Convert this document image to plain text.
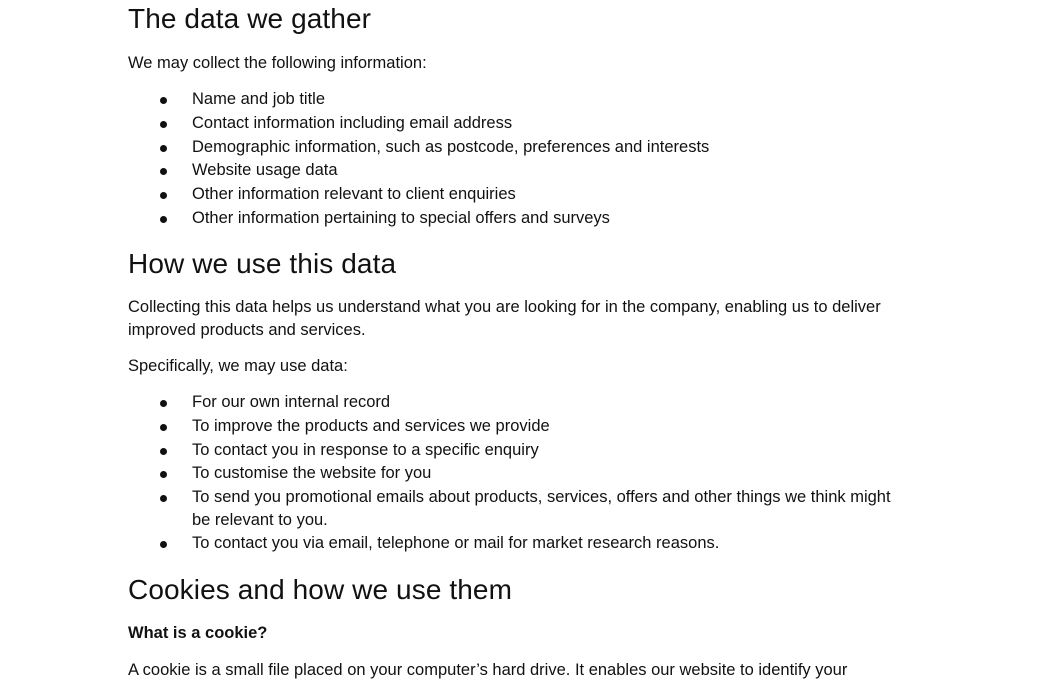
The data we gather

We may collect the following information:

Name and job title
Contact information including email address
Demographic information, such as postcode, preferences and interests
Website usage data
Other information relevant to client enquiries
Other information pertaining to special offers and surveys
How we use this data

Collecting this data helps us understand what you are looking for in the company, enabling us to deliver

improved products and services.

Specifically, we may use data:

For our own internal record
To improve the products and services we provide
To contact you in response to a specific enquiry
To customise the website for you
To send you promotional emails about products, services, offers and other things we think might
be relevant to you.
To contact you via email, telephone or mail for market research reasons.
Cookies and how we use them

What is a cookie?

A cookie is a small file placed on your computer’s hard drive. It enables our website to identify your
